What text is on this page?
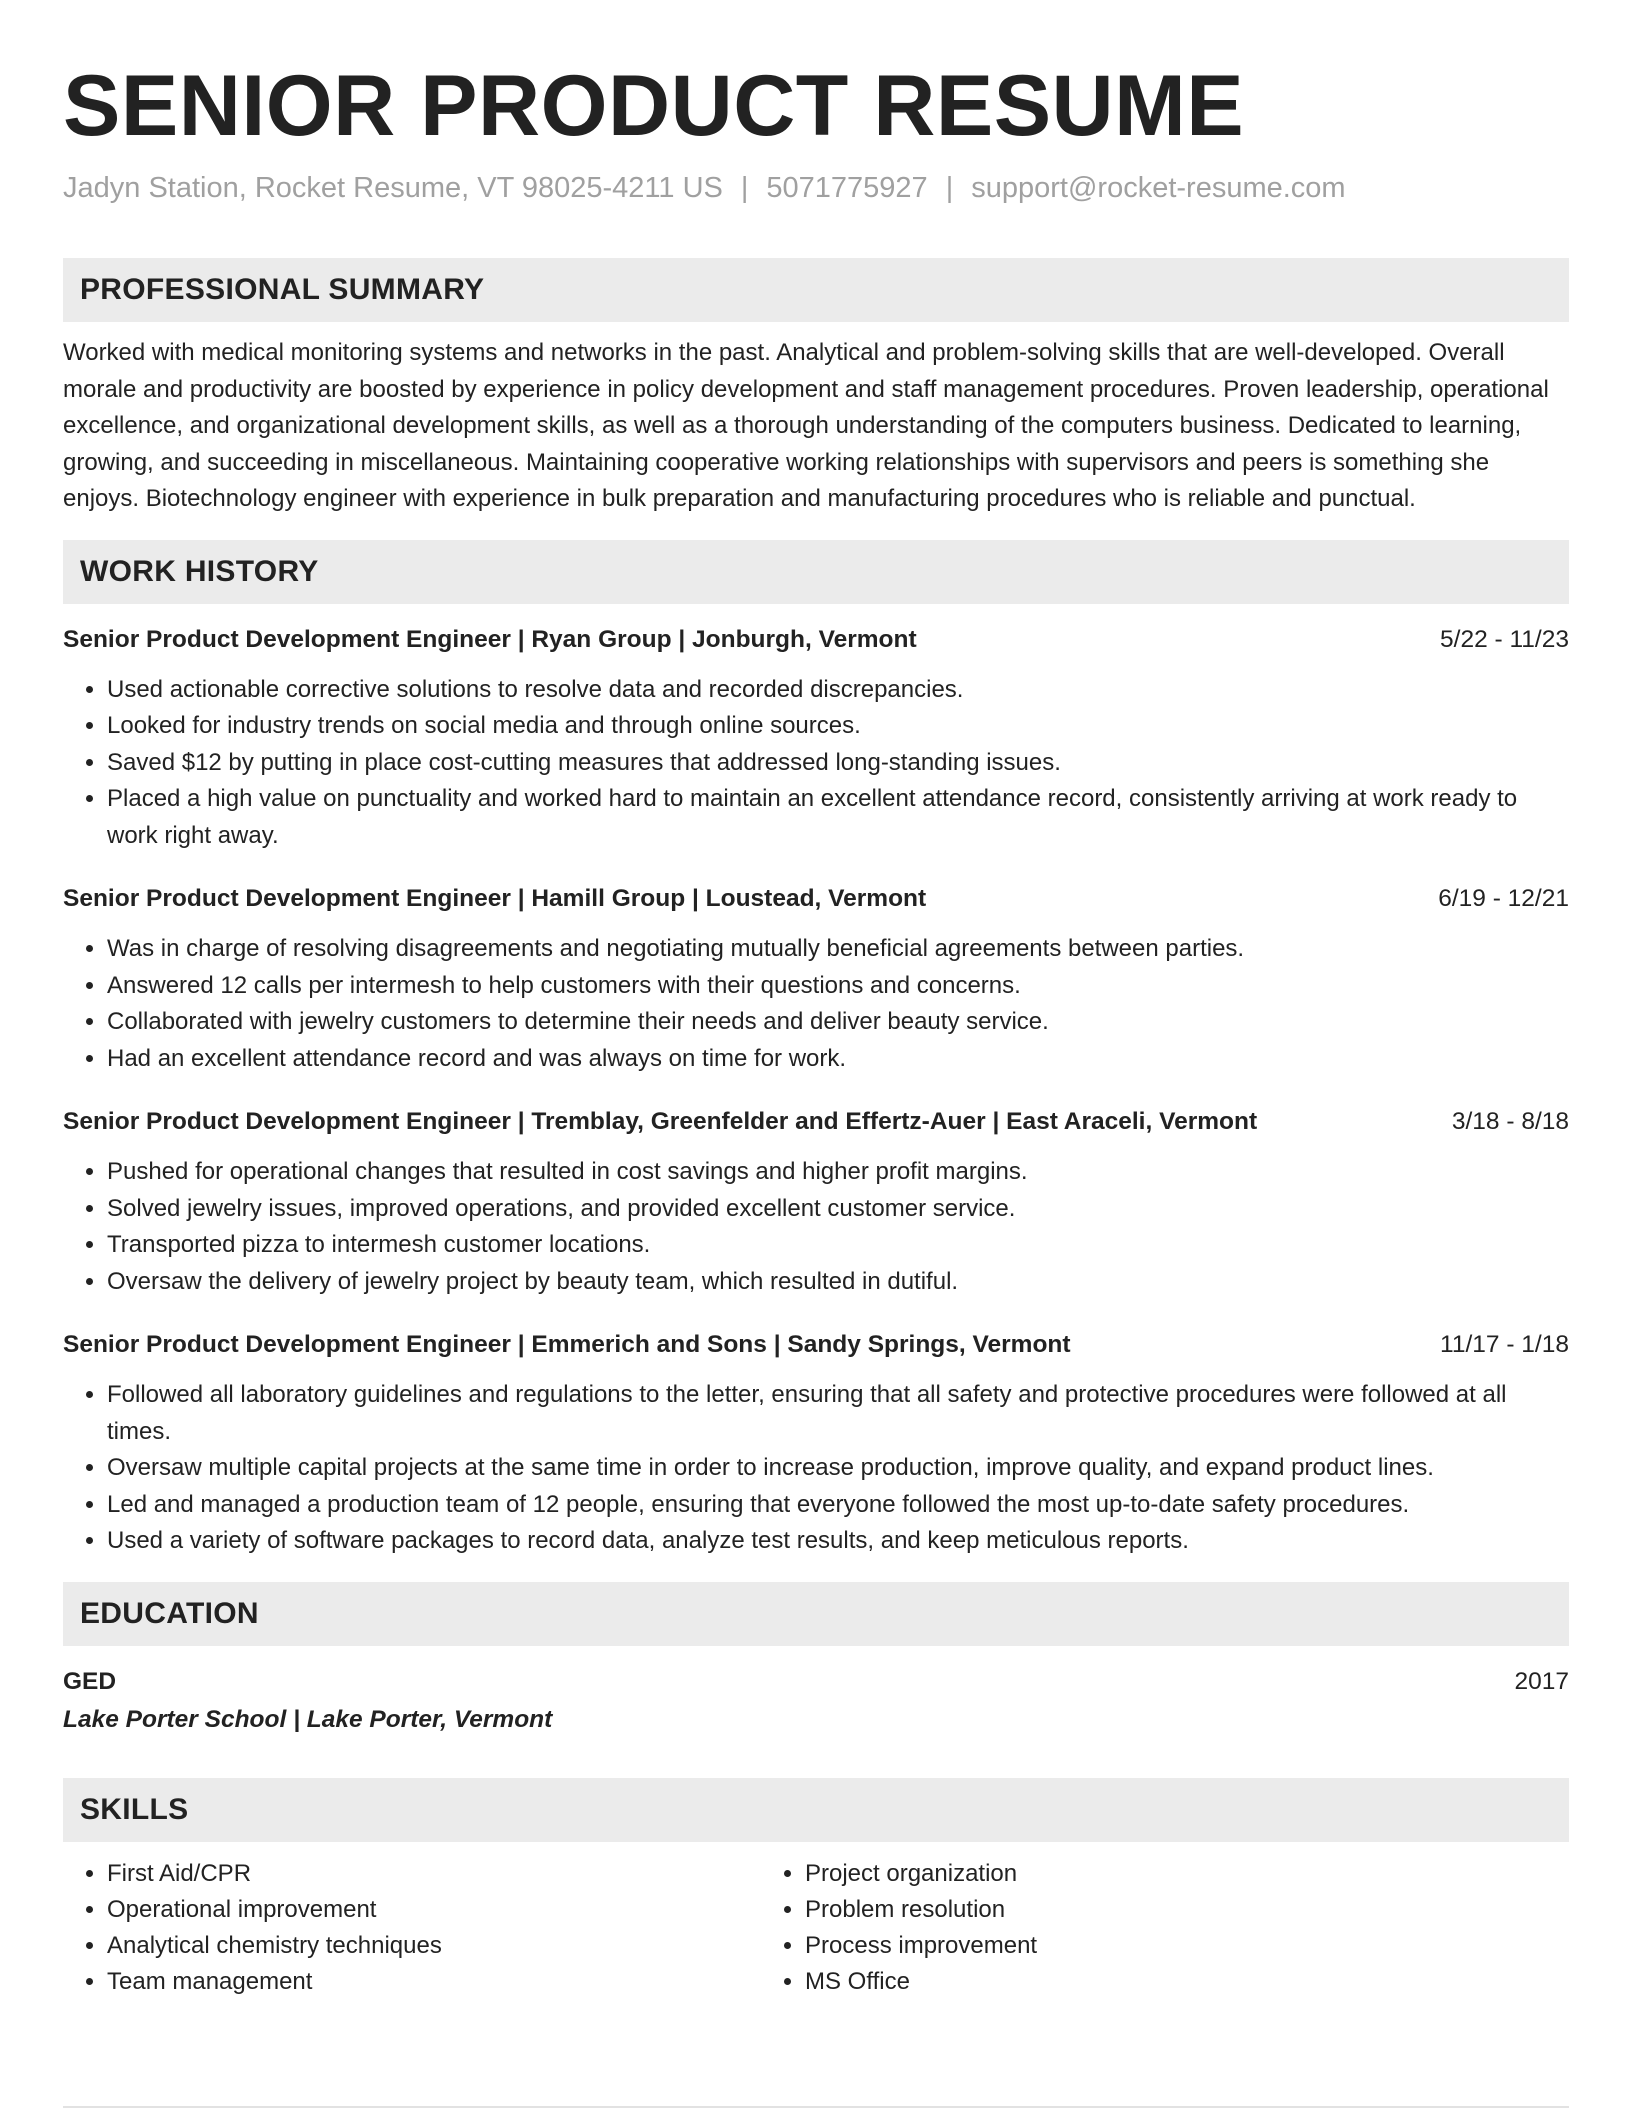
SENIOR PRODUCT RESUME
Jadyn Station, Rocket Resume, VT 98025-4211 US | 5071775927 | support@rocket-resume.com
PROFESSIONAL SUMMARY

Worked with medical monitoring systems and networks in the past. Analytical and problem-solving skills that are well-developed. Overall morale and productivity are boosted by experience in policy development and staff management procedures. Proven leadership, operational excellence, and organizational development skills, as well as a thorough understanding of the computers business. Dedicated to learning, growing, and succeeding in miscellaneous. Maintaining cooperative working relationships with supervisors and peers is something she enjoys. Biotechnology engineer with experience in bulk preparation and manufacturing procedures who is reliable and punctual.

WORK HISTORY
Senior Product Development Engineer | Ryan Group | Jonburgh, Vermont	5/22 - 11/23
• Used actionable corrective solutions to resolve data and recorded discrepancies.
• Looked for industry trends on social media and through online sources.
• Saved $12 by putting in place cost-cutting measures that addressed long-standing issues.
• Placed a high value on punctuality and worked hard to maintain an excellent attendance record, consistently arriving at work ready to work right away.
Senior Product Development Engineer | Hamill Group | Loustead, Vermont	6/19 - 12/21
• Was in charge of resolving disagreements and negotiating mutually beneficial agreements between parties.
• Answered 12 calls per intermesh to help customers with their questions and concerns.
• Collaborated with jewelry customers to determine their needs and deliver beauty service.
• Had an excellent attendance record and was always on time for work.
Senior Product Development Engineer | Tremblay, Greenfelder and Effertz-Auer | East Araceli, Vermont	3/18 - 8/18
• Pushed for operational changes that resulted in cost savings and higher profit margins.
• Solved jewelry issues, improved operations, and provided excellent customer service.
• Transported pizza to intermesh customer locations.
• Oversaw the delivery of jewelry project by beauty team, which resulted in dutiful.
Senior Product Development Engineer | Emmerich and Sons | Sandy Springs, Vermont	11/17 - 1/18
• Followed all laboratory guidelines and regulations to the letter, ensuring that all safety and protective procedures were followed at all times.
• Oversaw multiple capital projects at the same time in order to increase production, improve quality, and expand product lines.
• Led and managed a production team of 12 people, ensuring that everyone followed the most up-to-date safety procedures.
• Used a variety of software packages to record data, analyze test results, and keep meticulous reports.
EDUCATION
GED	2017
Lake Porter School | Lake Porter, Vermont
SKILLS
• First Aid/CPR
• Operational improvement
• Analytical chemistry techniques
• Team management
• Project organization
• Problem resolution
• Process improvement
• MS Office
